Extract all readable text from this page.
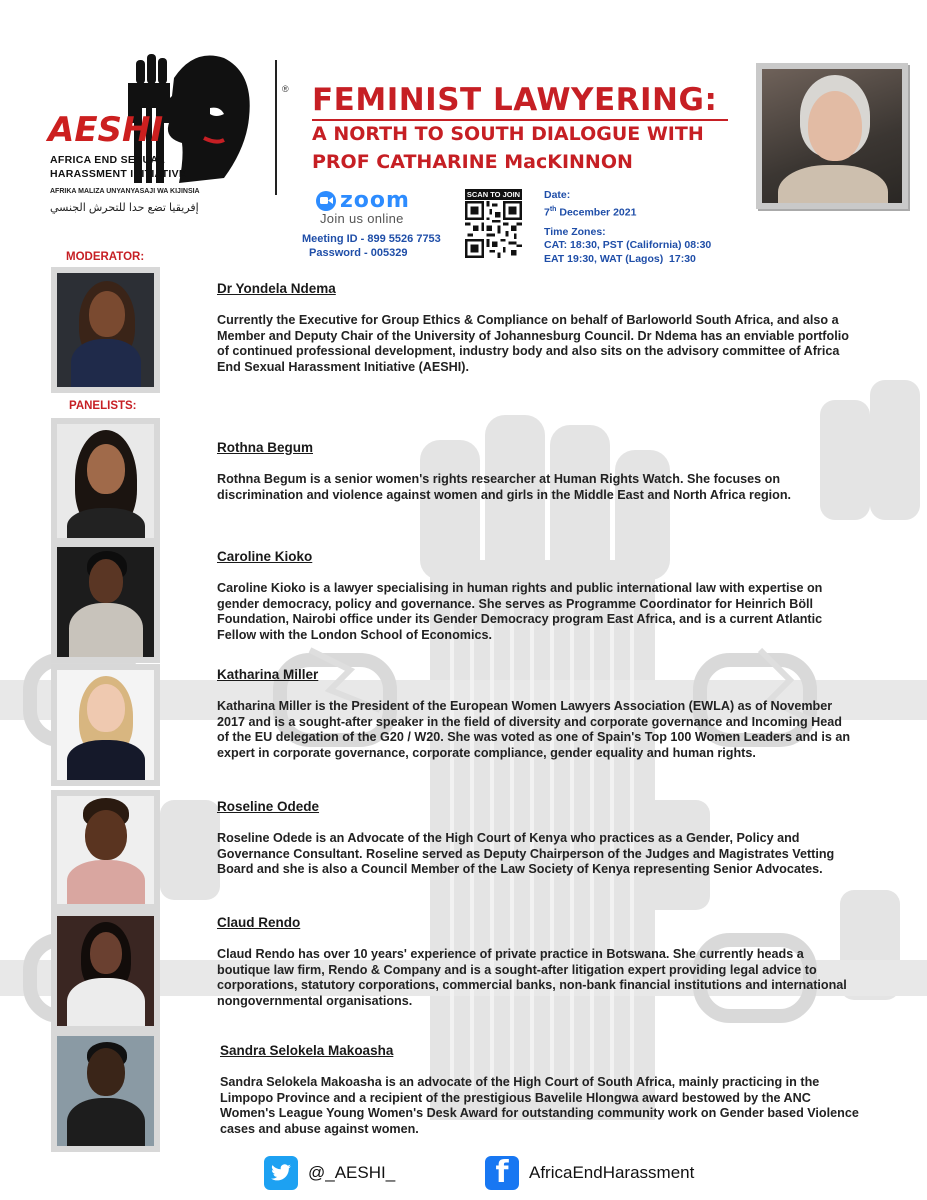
®
AESHI
AFRICA END SEXUAL
HARASSMENT INITIATIVE
AFRIKA MALIZA UNYANYASAJI WA KIJINSIA
إفريقيا تضع حدا للتحرش الجنسي
FEMINIST LAWYERING:
A NORTH TO SOUTH DIALOGUE WITH
PROF CATHARINE MacKINNON
zoom
Join us online
Meeting ID - 899 5526 7753
Password - 005329
SCAN TO JOIN Date:
7th December 2021
Time Zones:
CAT: 18:30, PST (California) 08:30
EAT 19:30, WAT (Lagos)  17:30
MODERATOR:
PANELISTS:
Dr Yondela Ndema
Currently the Executive for Group Ethics & Compliance on behalf of Barloworld South Africa, and also a Member and Deputy Chair of the University of Johannesburg Council. Dr Ndema has an enviable portfolio of continued professional development, industry body and also sits on the advisory committee of Africa End Sexual Harassment Initiative (AESHI).
Rothna Begum
Rothna Begum is a senior women's rights researcher at Human Rights Watch. She focuses on discrimination and violence against women and girls in the Middle East and North Africa region.
Caroline Kioko
Caroline Kioko is a lawyer specialising in human rights and public international law with expertise on gender democracy, policy and governance. She serves as Programme Coordinator for Heinrich Böll Foundation, Nairobi office under its Gender Democracy program East Africa, and is a current Atlantic Fellow with the London School of Economics.
Katharina Miller
Katharina Miller is the President of the European Women Lawyers Association (EWLA) as of November 2017 and is a sought-after speaker in the field of diversity and corporate governance and Incoming Head of the EU delegation of the G20 / W20. She was voted as one of Spain's Top 100 Women Leaders and is an expert in corporate governance, corporate compliance, gender equality and human rights.
Roseline Odede
Roseline Odede is an Advocate of the High Court of Kenya who practices as a Gender, Policy and Governance Consultant. Roseline served as Deputy Chairperson of the Judges and Magistrates Vetting Board and she is also a Council Member of the Law Society of Kenya representing Senior Advocates.
Claud Rendo
Claud Rendo has over 10 years' experience of private practice in Botswana. She currently heads a boutique law firm, Rendo & Company and is a sought-after litigation expert providing legal advice to corporations, statutory corporations, commercial banks, non-bank financial institutions and international nongovernmental organisations.
Sandra Selokela Makoasha
Sandra Selokela Makoasha is an advocate of the High Court of South Africa, mainly practicing in the Limpopo Province and a recipient of the prestigious Bavelile Hlongwa award bestowed by the ANC Women's League Young Women's Desk Award for outstanding community work on Gender based Violence cases and abuse against women.
@_AESHI_	f	AfricaEndHarassment
